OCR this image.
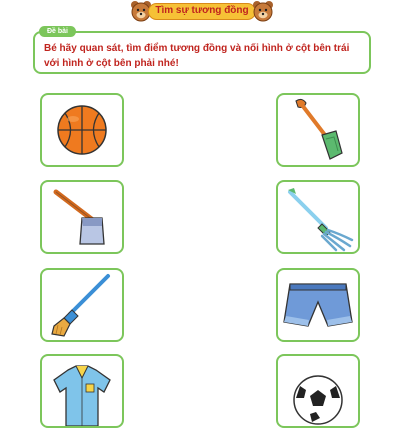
Tìm sự tương đồng
Đề bài
Bé hãy quan sát, tìm điểm tương đồng và nối hình ở cột bên trái với hình ở cột bên phải nhé!
